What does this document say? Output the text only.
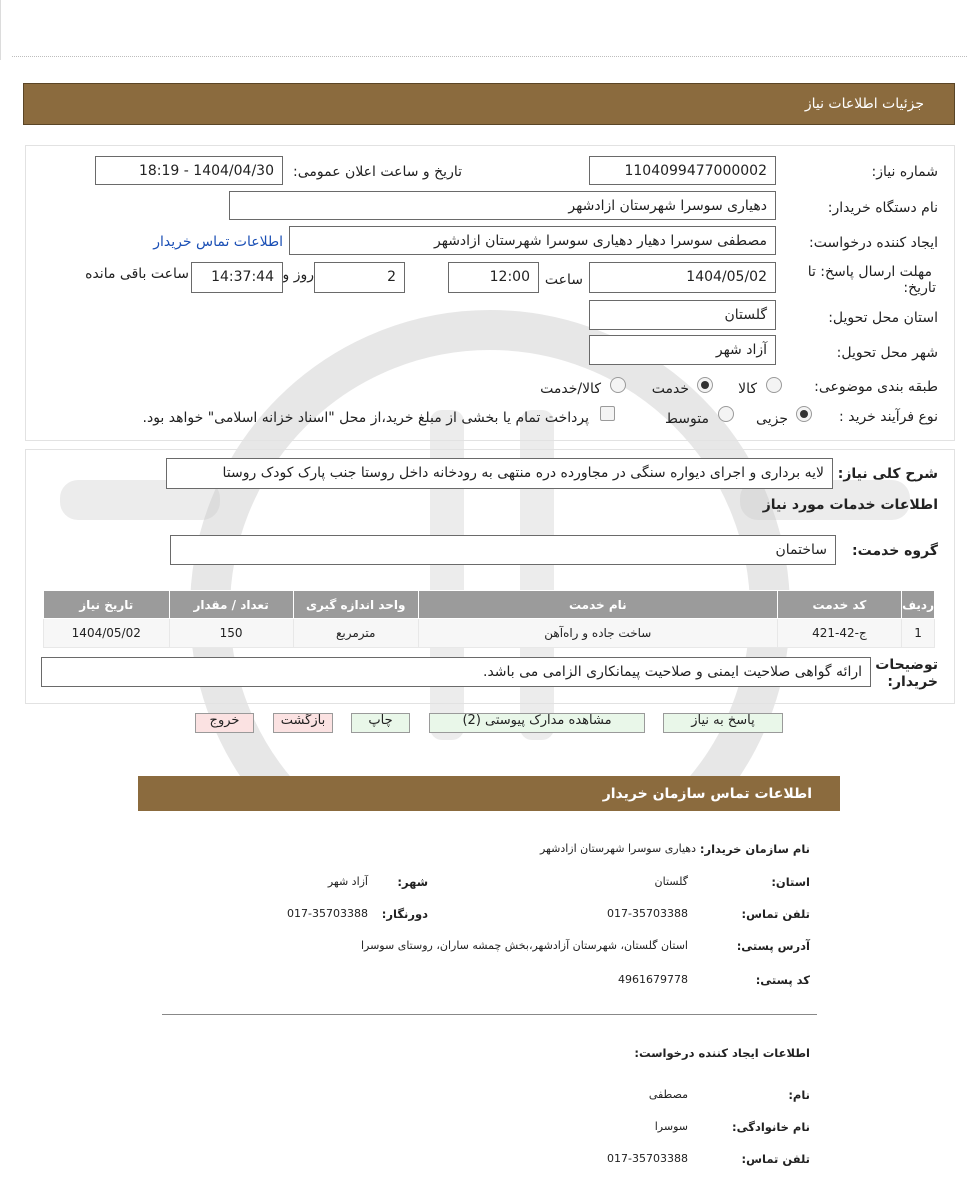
جزئیات اطلاعات نیاز
شماره نیاز:
1104099477000002
تاریخ و ساعت اعلان عمومی:
1404/04/30 - 18:19
نام دستگاه خریدار:
دهیاری سوسرا شهرستان ازادشهر
ایجاد کننده درخواست:
مصطفی سوسرا دهیار دهیاری سوسرا شهرستان ازادشهر
اطلاعات تماس خریدار
مهلت ارسال پاسخ: تا
تاریخ:
1404/05/02
ساعت
12:00
2
روز و
14:37:44
ساعت باقی مانده
استان محل تحویل:
گلستان
شهر محل تحویل:
آزاد شهر
طبقه بندی موضوعی:
کالا
خدمت
کالا/خدمت
نوع فرآیند خرید :
جزیی
متوسط
پرداخت تمام یا بخشی از مبلغ خرید،از محل "اسناد خزانه اسلامی" خواهد بود.
شرح کلی نیاز:
لایه برداری و اجرای دیواره سنگی در مجاورده دره منتهی به رودخانه داخل روستا جنب پارک کودک روستا
اطلاعات خدمات مورد نیاز
گروه خدمت:
ساختمان
ردیف	کد خدمت	نام خدمت	واحد اندازه گیری	تعداد / مقدار	تاریخ نیاز
1	ج-42-421	ساخت جاده و راه‌آهن	مترمربع	150	1404/05/02
توضیحات
خریدار:
ارائه گواهی صلاحیت ایمنی و صلاحیت پیمانکاری الزامی می باشد.
پاسخ به نیاز
مشاهده مدارک پیوستی (2)
چاپ
بازگشت
خروج
اطلاعات تماس سازمان خریدار
نام سازمان خریدار:
دهیاری سوسرا شهرستان ازادشهر
استان:
گلستان
شهر:
آزاد شهر
تلفن تماس:
017-35703388
دورنگار:
017-35703388
آدرس پستی:
استان گلستان، شهرستان آزادشهر،بخش چمشه ساران، روستای سوسرا
کد پستی:
4961679778
اطلاعات ایجاد کننده درخواست:
نام:
مصطفی
نام خانوادگی:
سوسرا
تلفن تماس:
017-35703388
